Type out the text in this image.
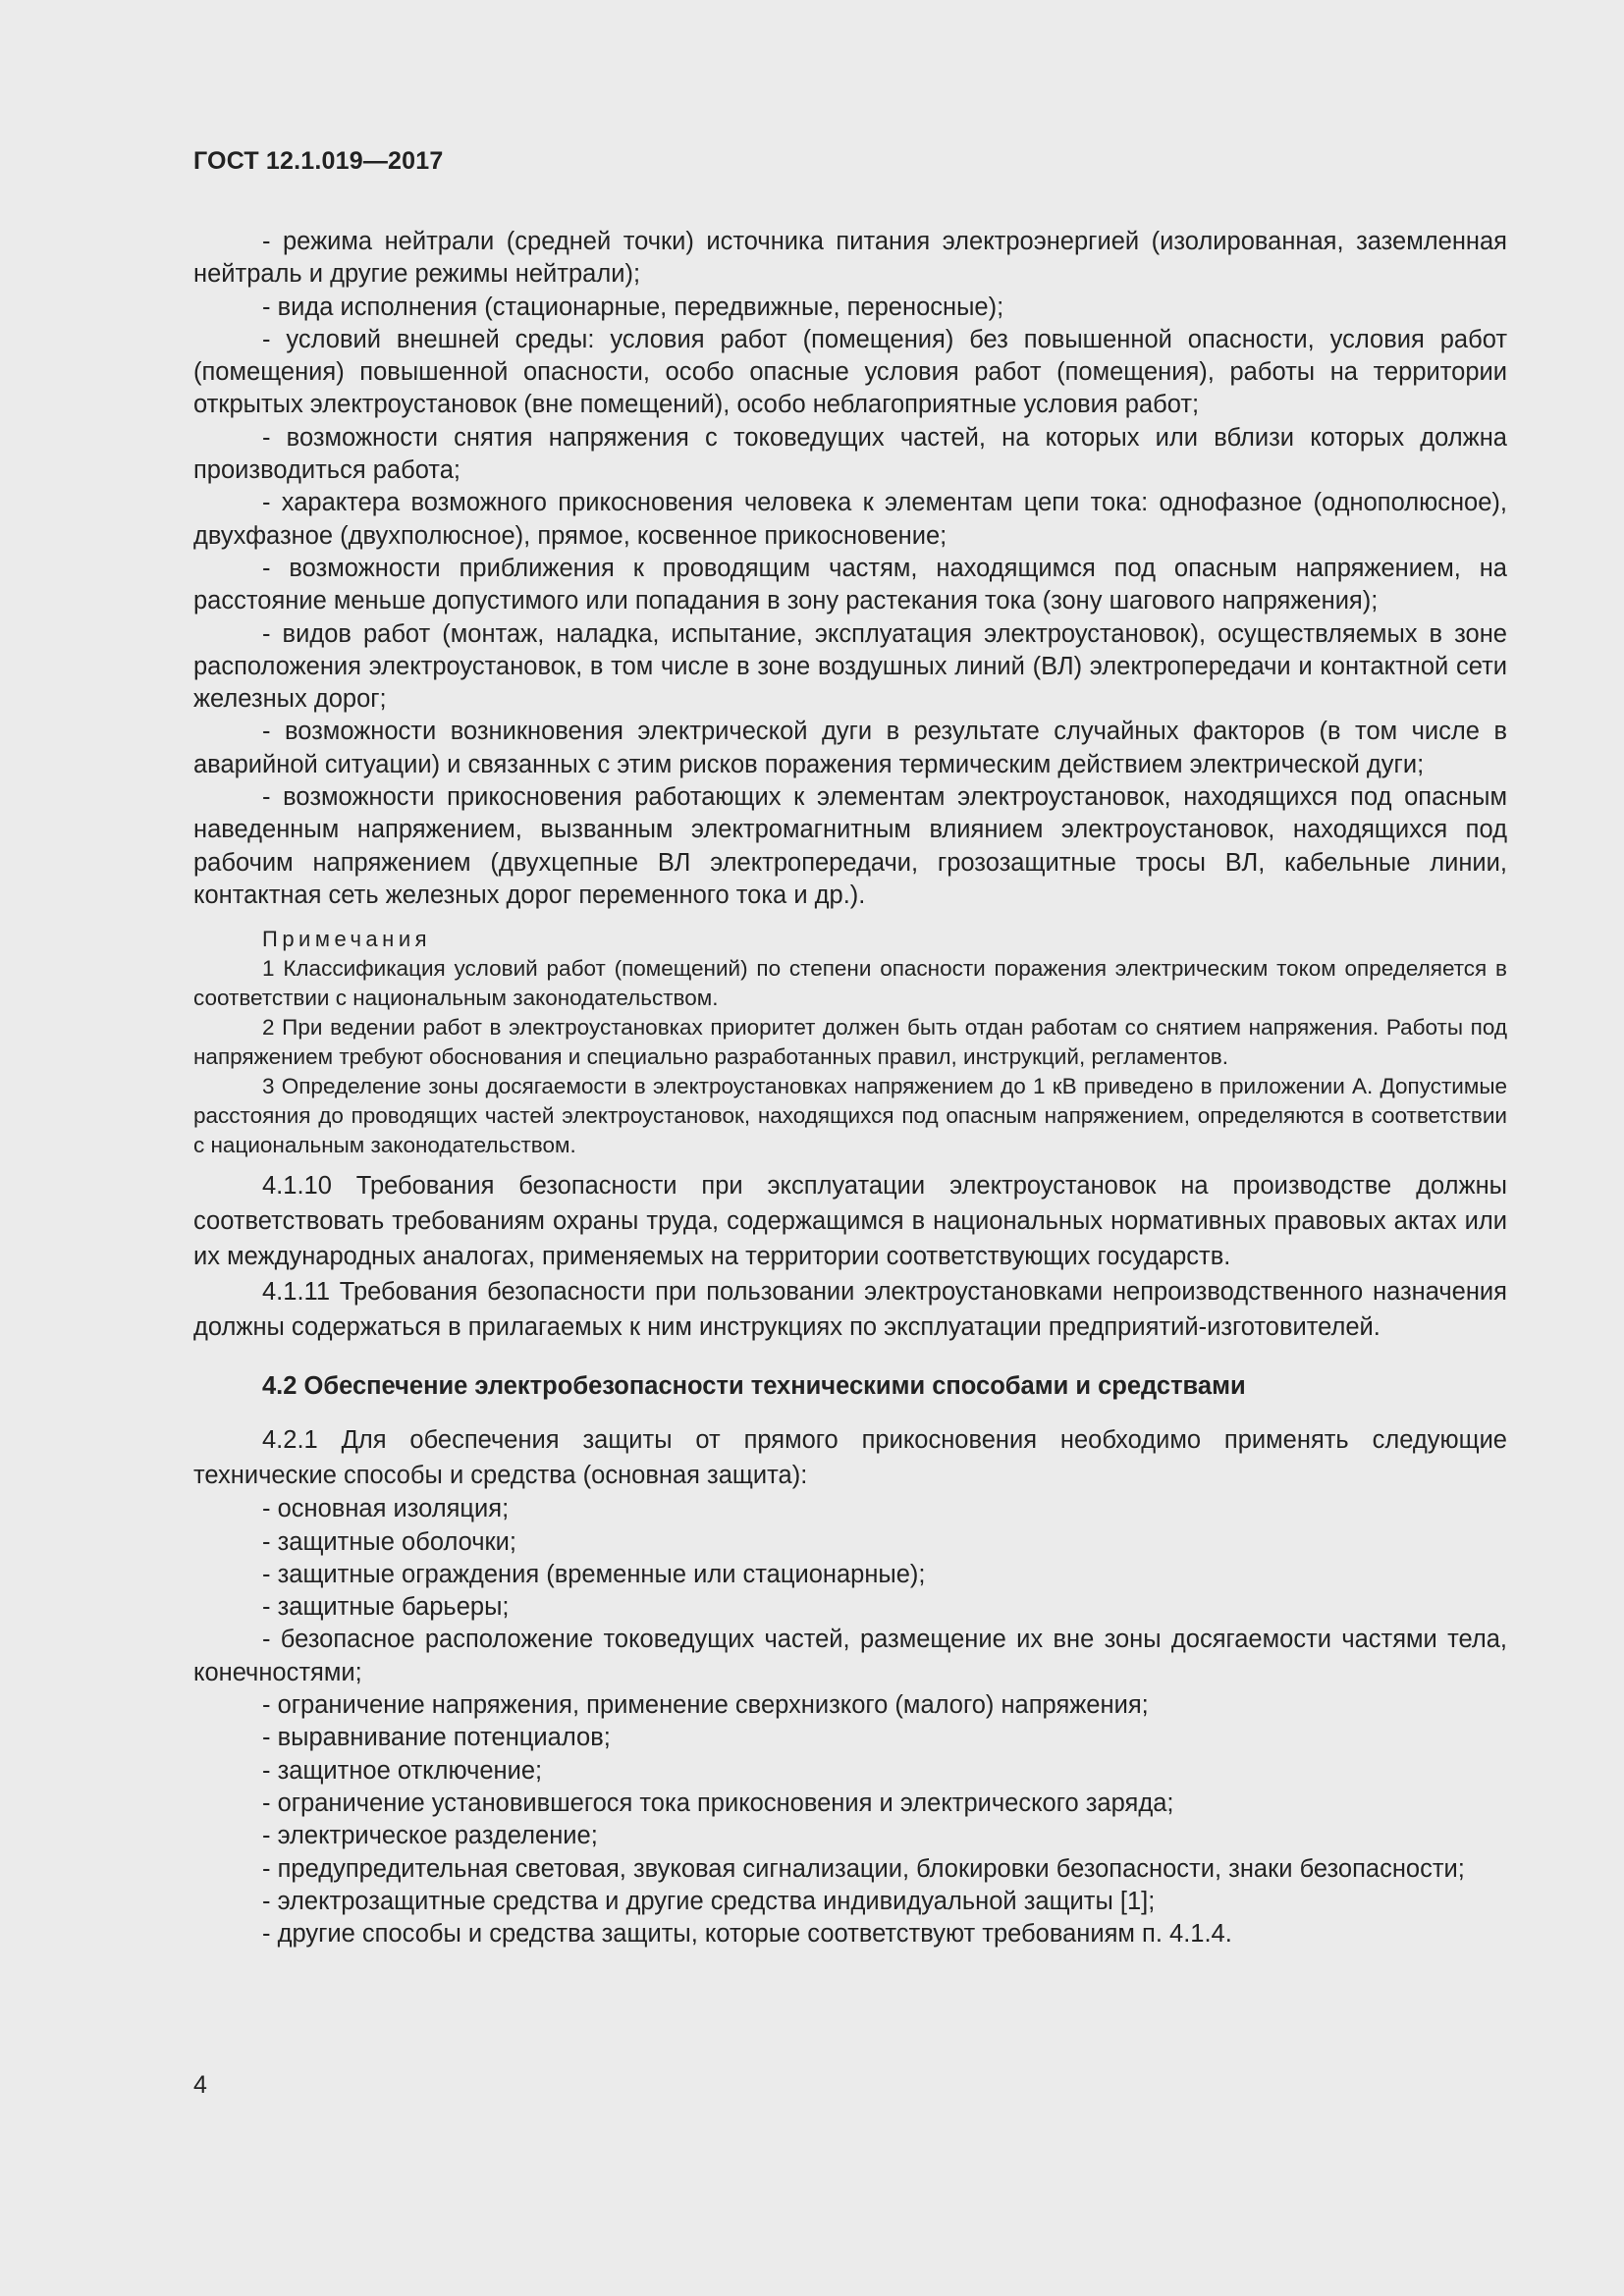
ГОСТ 12.1.019—2017

- режима нейтрали (средней точки) источника питания электроэнергией (изолированная, заземленная нейтраль и другие режимы нейтрали);

- вида исполнения (стационарные, передвижные, переносные);

- условий внешней среды: условия работ (помещения) без повышенной опасности, условия работ (помещения) повышенной опасности, особо опасные условия работ (помещения), работы на территории открытых электроустановок (вне помещений), особо неблагоприятные условия работ;

- возможности снятия напряжения с токоведущих частей, на которых или вблизи которых должна производиться работа;

- характера возможного прикосновения человека к элементам цепи тока: однофазное (однополюсное), двухфазное (двухполюсное), прямое, косвенное прикосновение;

- возможности приближения к проводящим частям, находящимся под опасным напряжением, на расстояние меньше допустимого или попадания в зону растекания тока (зону шагового напряжения);

- видов работ (монтаж, наладка, испытание, эксплуатация электроустановок), осуществляемых в зоне расположения электроустановок, в том числе в зоне воздушных линий (ВЛ) электропередачи и контактной сети железных дорог;

- возможности возникновения электрической дуги в результате случайных факторов (в том числе в аварийной ситуации) и связанных с этим рисков поражения термическим действием электрической дуги;

- возможности прикосновения работающих к элементам электроустановок, находящихся под опасным наведенным напряжением, вызванным электромагнитным влиянием электроустановок, находящихся под рабочим напряжением (двухцепные ВЛ электропередачи, грозозащитные тросы ВЛ, кабельные линии, контактная сеть железных дорог переменного тока и др.).

Примечания

1 Классификация условий работ (помещений) по степени опасности поражения электрическим током определяется в соответствии с национальным законодательством.

2 При ведении работ в электроустановках приоритет должен быть отдан работам со снятием напряжения. Работы под напряжением требуют обоснования и специально разработанных правил, инструкций, регламентов.

3 Определение зоны досягаемости в электроустановках напряжением до 1 кВ приведено в приложении А. Допустимые расстояния до проводящих частей электроустановок, находящихся под опасным напряжением, определяются в соответствии с национальным законодательством.

4.1.10 Требования безопасности при эксплуатации электроустановок на производстве должны соответствовать требованиям охраны труда, содержащимся в национальных нормативных правовых актах или их международных аналогах, применяемых на территории соответствующих государств.

4.1.11 Требования безопасности при пользовании электроустановками непроизводственного назначения должны содержаться в прилагаемых к ним инструкциях по эксплуатации предприятий-изготовителей.

4.2 Обеспечение электробезопасности техническими способами и средствами

4.2.1 Для обеспечения защиты от прямого прикосновения необходимо применять следующие технические способы и средства (основная защита):

- основная изоляция;

- защитные оболочки;

- защитные ограждения (временные или стационарные);

- защитные барьеры;

- безопасное расположение токоведущих частей, размещение их вне зоны досягаемости частями тела, конечностями;

- ограничение напряжения, применение сверхнизкого (малого) напряжения;

- выравнивание потенциалов;

- защитное отключение;

- ограничение установившегося тока прикосновения и электрического заряда;

- электрическое разделение;

- предупредительная световая, звуковая сигнализации, блокировки безопасности, знаки безопасности;

- электрозащитные средства и другие средства индивидуальной защиты [1];

- другие способы и средства защиты, которые соответствуют требованиям п. 4.1.4.

4
